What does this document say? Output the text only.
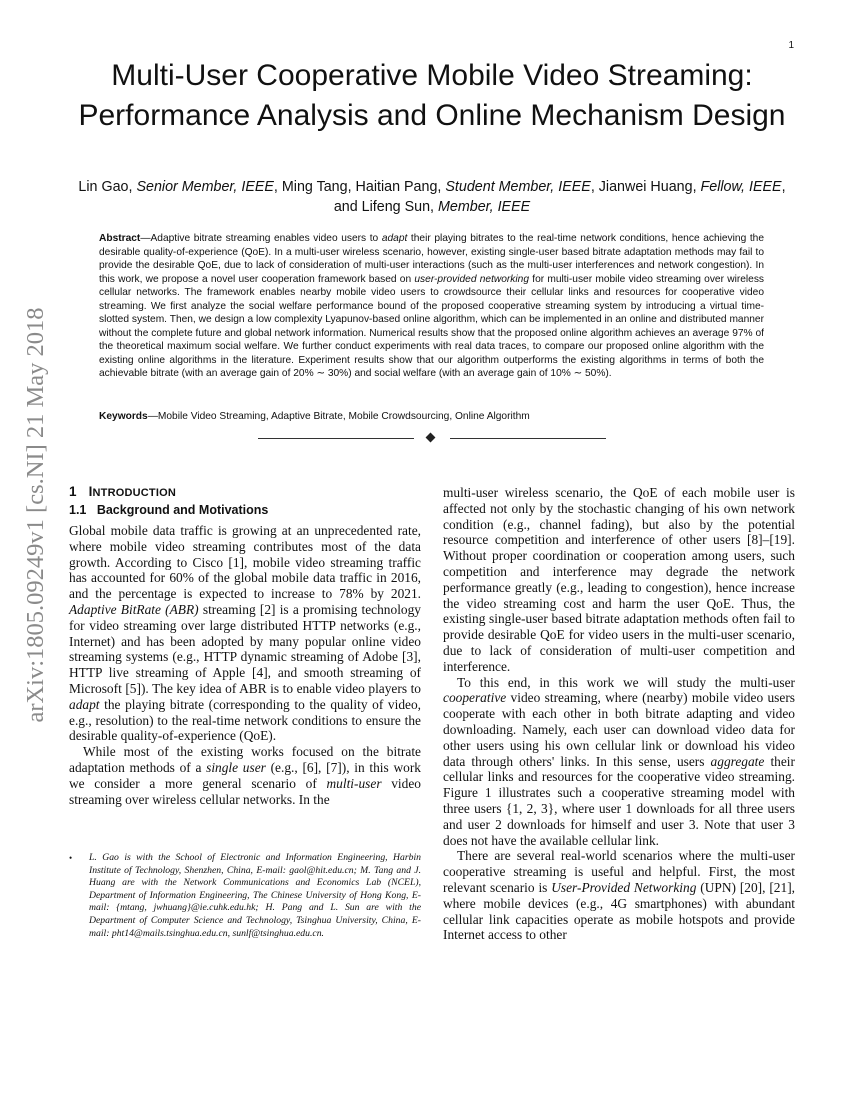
1
arXiv:1805.09249v1 [cs.NI] 21 May 2018
Multi-User Cooperative Mobile Video Streaming: Performance Analysis and Online Mechanism Design
Lin Gao, Senior Member, IEEE, Ming Tang, Haitian Pang, Student Member, IEEE, Jianwei Huang, Fellow, IEEE, and Lifeng Sun, Member, IEEE

Abstract—Adaptive bitrate streaming enables video users to adapt their playing bitrates to the real-time network conditions, hence achieving the desirable quality-of-experience (QoE). In a multi-user wireless scenario, however, existing single-user based bitrate adaptation methods may fail to provide the desirable QoE, due to lack of consideration of multi-user interactions (such as the multi-user interferences and network congestion). In this work, we propose a novel user cooperation framework based on user-provided networking for multi-user mobile video streaming over wireless cellular networks. The framework enables nearby mobile video users to crowdsource their cellular links and resources for cooperative video streaming. We first analyze the social welfare performance bound of the proposed cooperative streaming system by introducing a virtual time-slotted system. Then, we design a low complexity Lyapunov-based online algorithm, which can be implemented in an online and distributed manner without the complete future and global network information. Numerical results show that the proposed online algorithm achieves an average 97% of the theoretical maximum social welfare. We further conduct experiments with real data traces, to compare our proposed online algorithm with the existing online algorithms in the literature. Experiment results show that our algorithm outperforms the existing algorithms in terms of both the achievable bitrate (with an average gain of 20% ∼ 30%) and social welfare (with an average gain of 10% ∼ 50%).

Keywords—Mobile Video Streaming, Adaptive Bitrate, Mobile Crowdsourcing, Online Algorithm
1 INTRODUCTION
1.1 Background and Motivations

Global mobile data traffic is growing at an unprecedented rate, where mobile video streaming contributes most of the data growth. According to Cisco [1], mobile video streaming traffic has accounted for 60% of the global mobile data traffic in 2016, and the percentage is expected to increase to 78% by 2021. Adaptive BitRate (ABR) streaming [2] is a promising technology for video streaming over large distributed HTTP networks (e.g., Internet) and has been adopted by many popular online video streaming systems (e.g., HTTP dynamic streaming of Adobe [3], HTTP live streaming of Apple [4], and smooth streaming of Microsoft [5]). The key idea of ABR is to enable video players to adapt the playing bitrate (corresponding to the quality of video, e.g., resolution) to the real-time network conditions to ensure the desirable quality-of-experience (QoE).

While most of the existing works focused on the bitrate adaptation methods of a single user (e.g., [6], [7]), in this work we consider a more general scenario of multi-user video streaming over wireless cellular networks. In the

• L. Gao is with the School of Electronic and Information Engineering, Harbin Institute of Technology, Shenzhen, China, E-mail: gaol@hit.edu.cn; M. Tang and J. Huang are with the Network Communications and Economics Lab (NCEL), Department of Information Engineering, The Chinese University of Hong Kong, E-mail: {mtang, jwhuang}@ie.cuhk.edu.hk; H. Pang and L. Sun are with the Department of Computer Science and Technology, Tsinghua University, China, E-mail: pht14@mails.tsinghua.edu.cn, sunlf@tsinghua.edu.cn.

multi-user wireless scenario, the QoE of each mobile user is affected not only by the stochastic changing of his own network condition (e.g., channel fading), but also by the potential resource competition and interference of other users [8]–[19]. Without proper coordination or cooperation among users, such competition and interference may degrade the network performance greatly (e.g., leading to congestion), hence increase the video streaming cost and harm the user QoE. Thus, the existing single-user based bitrate adaptation methods often fail to provide desirable QoE for video users in the multi-user scenario, due to lack of consideration of multi-user competition and interference.

To this end, in this work we will study the multi-user cooperative video streaming, where (nearby) mobile video users cooperate with each other in both bitrate adapting and video downloading. Namely, each user can download video data for other users using his own cellular link or download his video data through others' links. In this sense, users aggregate their cellular links and resources for the cooperative video streaming. Figure 1 illustrates such a cooperative streaming model with three users {1, 2, 3}, where user 1 downloads for all three users and user 2 downloads for himself and user 3. Note that user 3 does not have the available cellular link.

There are several real-world scenarios where the multi-user cooperative streaming is useful and helpful. First, the most relevant scenario is User-Provided Networking (UPN) [20], [21], where mobile devices (e.g., 4G smartphones) with abundant cellular link capacities operate as mobile hotspots and provide Internet access to other
